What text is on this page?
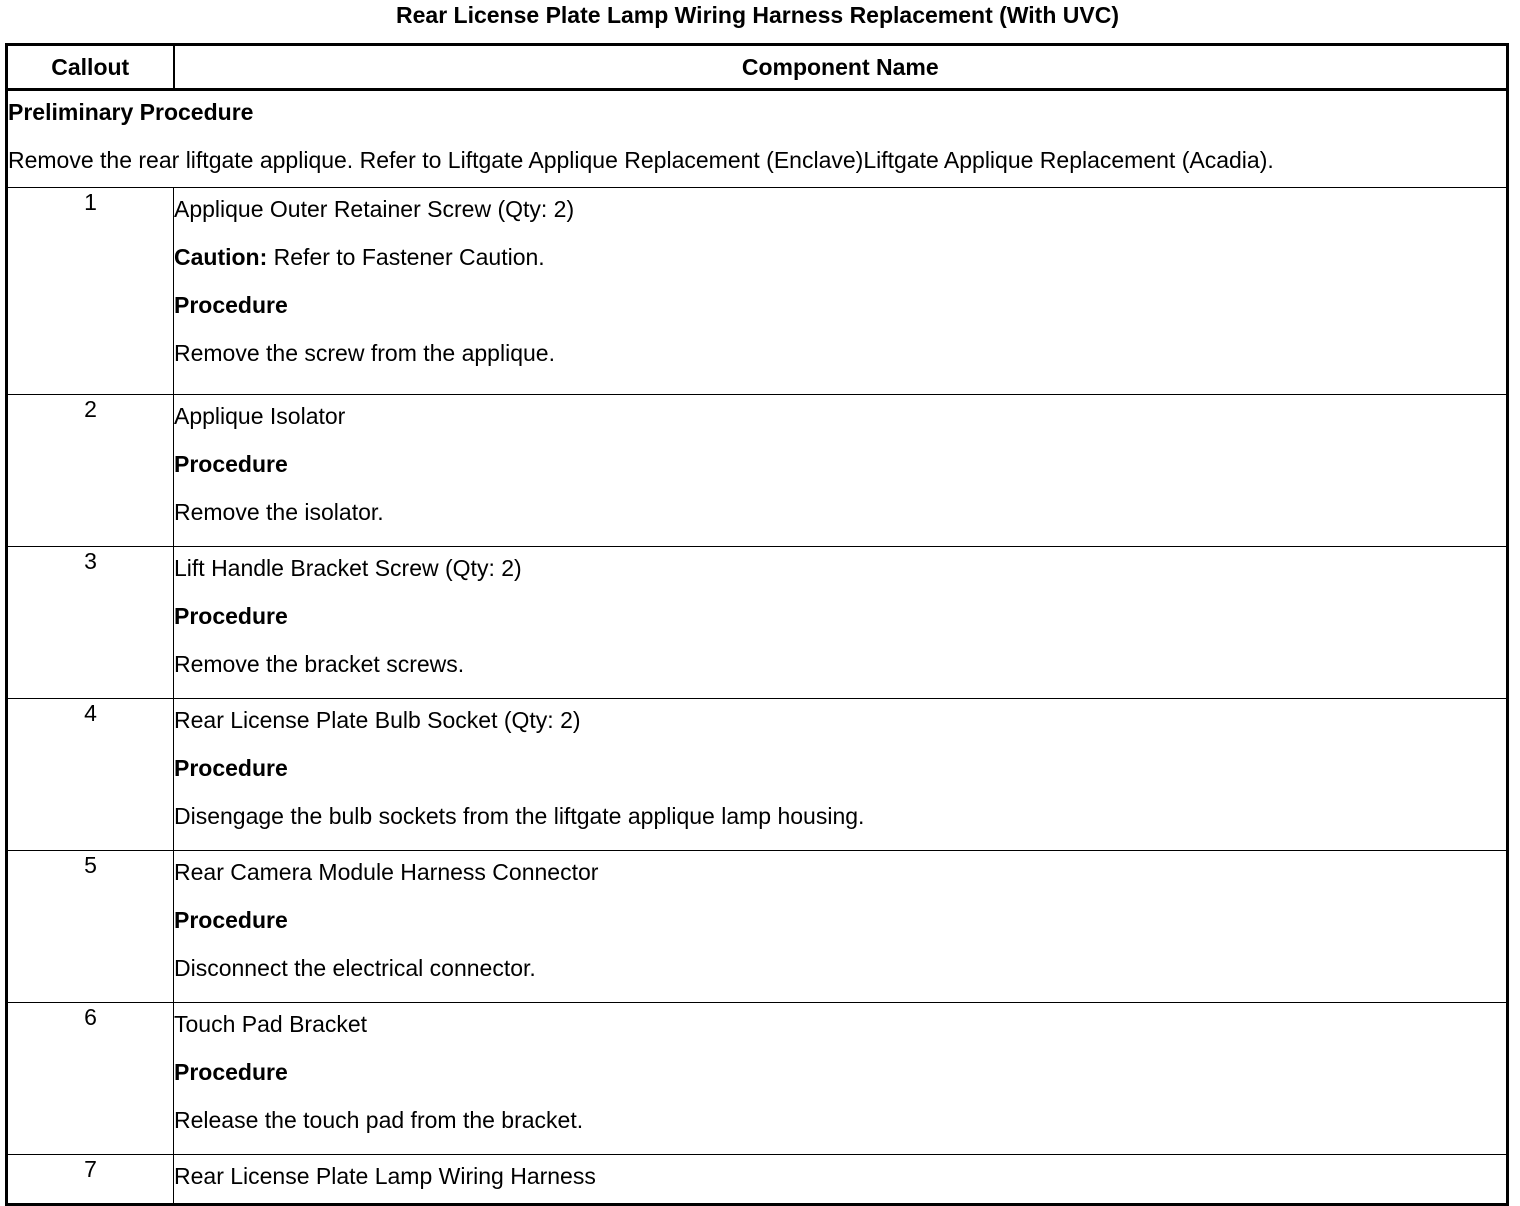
Rear License Plate Lamp Wiring Harness Replacement (With UVC)
Callout	Component Name

Preliminary Procedure

Remove the rear liftgate applique. Refer to Liftgate Applique Replacement (Enclave)Liftgate Applique Replacement (Acadia).	

1	Applique Outer Retainer Screw (Qty: 2)

Caution: Refer to Fastener Caution.

Procedure

Remove the screw from the applique.

2	Applique Isolator

Procedure

Remove the isolator.

3	Lift Handle Bracket Screw (Qty: 2)

Procedure

Remove the bracket screws.

4	Rear License Plate Bulb Socket (Qty: 2)

Procedure

Disengage the bulb sockets from the liftgate applique lamp housing.

5	Rear Camera Module Harness Connector

Procedure

Disconnect the electrical connector.

6	Touch Pad Bracket

Procedure

Release the touch pad from the bracket.

7	Rear License Plate Lamp Wiring Harness
